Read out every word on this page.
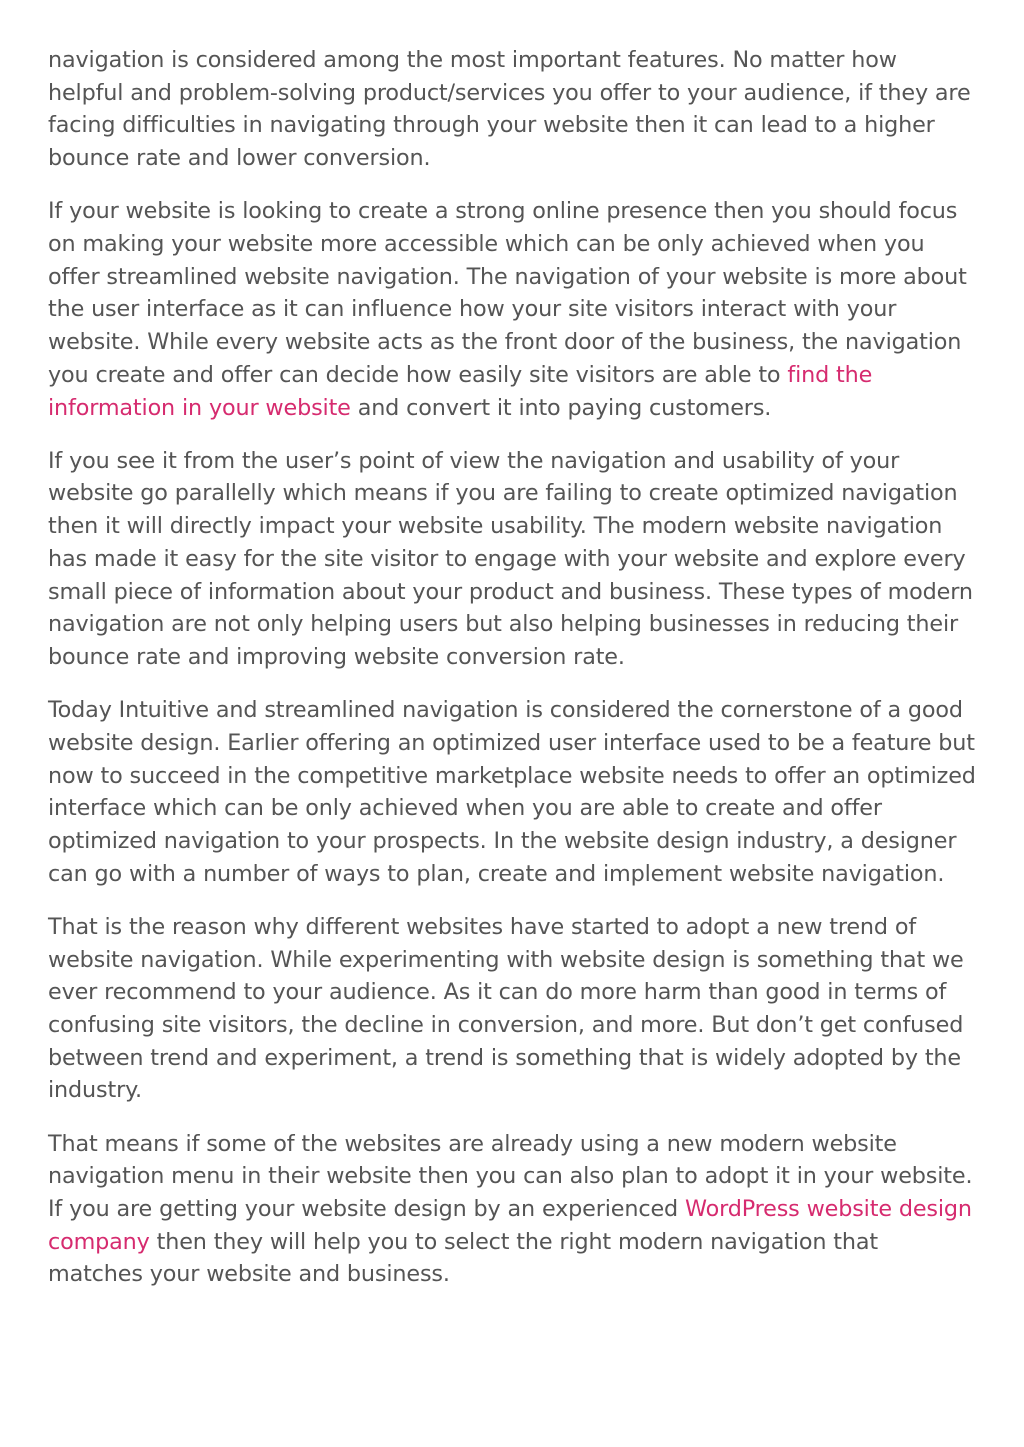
navigation is considered among the most important features. No matter how helpful and problem-solving product/services you offer to your audience, if they are facing difficulties in navigating through your website then it can lead to a higher bounce rate and lower conversion.

If your website is looking to create a strong online presence then you should focus on making your website more accessible which can be only achieved when you offer streamlined website navigation. The navigation of your website is more about the user interface as it can influence how your site visitors interact with your website. While every website acts as the front door of the business, the navigation you create and offer can decide how easily site visitors are able to find the information in your website and convert it into paying customers.

If you see it from the user’s point of view the navigation and usability of your website go parallelly which means if you are failing to create optimized navigation then it will directly impact your website usability. The modern website navigation has made it easy for the site visitor to engage with your website and explore every small piece of information about your product and business. These types of modern navigation are not only helping users but also helping businesses in reducing their bounce rate and improving website conversion rate.

Today Intuitive and streamlined navigation is considered the cornerstone of a good website design. Earlier offering an optimized user interface used to be a feature but now to succeed in the competitive marketplace website needs to offer an optimized interface which can be only achieved when you are able to create and offer optimized navigation to your prospects. In the website design industry, a designer can go with a number of ways to plan, create and implement website navigation.

That is the reason why different websites have started to adopt a new trend of website navigation. While experimenting with website design is something that we ever recommend to your audience. As it can do more harm than good in terms of confusing site visitors, the decline in conversion, and more. But don’t get confused between trend and experiment, a trend is something that is widely adopted by the industry.

That means if some of the websites are already using a new modern website navigation menu in their website then you can also plan to adopt it in your website. If you are getting your website design by an experienced WordPress website design company then they will help you to select the right modern navigation that matches your website and business.
